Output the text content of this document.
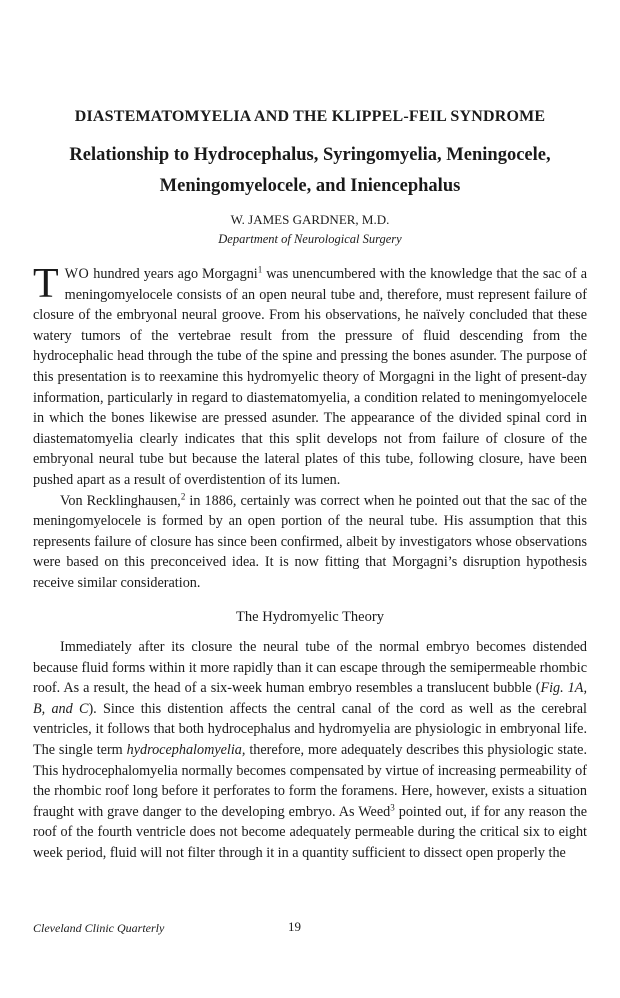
DIASTEMATOMYELIA AND THE KLIPPEL-FEIL SYNDROME
Relationship to Hydrocephalus, Syringomyelia, Meningocele,
Meningomyelocele, and Iniencephalus

W. JAMES GARDNER, M.D.

Department of Neurological Surgery

TWO hundred years ago Morgagni$^1$ was unencumbered with the knowledge that the sac of a meningomyelocele consists of an open neural tube and, therefore, must represent failure of closure of the embryonal neural groove. From his observations, he naïvely concluded that these watery tumors of the vertebrae result from the pressure of fluid descending from the hydrocephalic head through the tube of the spine and pressing the bones asunder. The purpose of this presentation is to reexamine this hydromyelic theory of Morgagni in the light of present-day information, particularly in regard to diastematomyelia, a condition related to meningomyelocele in which the bones likewise are pressed asunder. The appearance of the divided spinal cord in diastematomyelia clearly indicates that this split develops not from failure of closure of the embryonal neural tube but because the lateral plates of this tube, following closure, have been pushed apart as a result of overdistention of its lumen.

Von Recklinghausen,$^2$ in 1886, certainly was correct when he pointed out that the sac of the meningomyelocele is formed by an open portion of the neural tube. His assumption that this represents failure of closure has since been confirmed, albeit by investigators whose observations were based on this preconceived idea. It is now fitting that Morgagni’s disruption hypothesis receive similar consideration.

The Hydromyelic Theory

Immediately after its closure the neural tube of the normal embryo becomes distended because fluid forms within it more rapidly than it can escape through the semipermeable rhombic roof. As a result, the head of a six-week human embryo resembles a translucent bubble (Fig. 1A, B, and C). Since this distention affects the central canal of the cord as well as the cerebral ventricles, it follows that both hydrocephalus and hydromyelia are physiologic in embryonal life. The single term hydrocephalomyelia, therefore, more adequately describes this physiologic state. This hydrocephalomyelia normally becomes compensated by virtue of increasing permeability of the rhombic roof long before it perforates to form the foramens. Here, however, exists a situation fraught with grave danger to the developing embryo. As Weed$^3$ pointed out, if for any reason the roof of the fourth ventricle does not become adequately permeable during the critical six to eight week period, fluid will not filter through it in a quantity sufficient to dissect open properly the

Cleveland Clinic Quarterly	19
